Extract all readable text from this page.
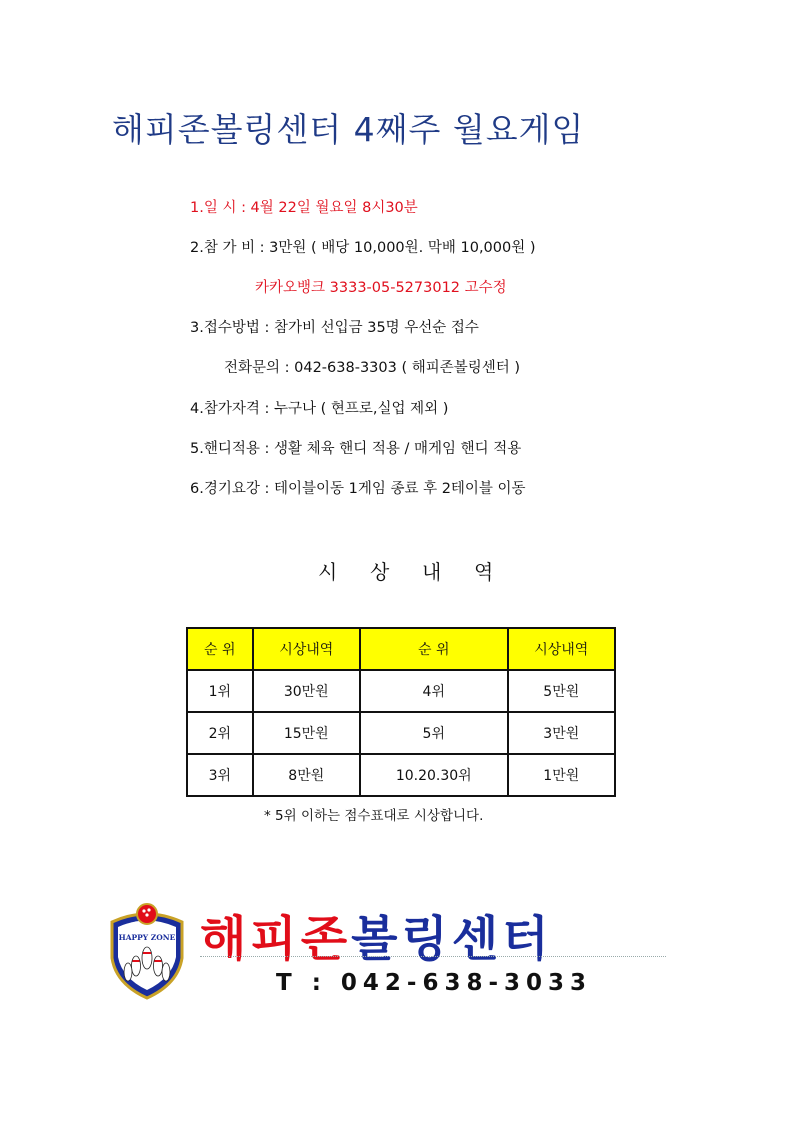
해피존볼링센터 4째주 월요게임
1.일 시 : 4월 22일 월요일 8시30분
2.참 가 비 : 3만원 ( 배당 10,000원. 막배 10,000원 )
카카오뱅크 3333-05-5273012 고수정
3.접수방법 : 참가비 선입금 35명 우선순 접수
전화문의 : 042-638-3303 ( 해피존볼링센터 )
4.참가자격 : 누구나 ( 현프로,실업 제외 )
5.핸디적용 : 생활 체육 핸디 적용 / 매게임 핸디 적용
6.경기요강 : 테이블이동 1게임 종료 후 2테이블 이동
시 상 내 역
순 위	시상내역	순 위	시상내역
1위	30만원	4위	5만원
2위	15만원	5위	3만원
3위	8만원	10.20.30위	1만원
* 5위 이하는 점수표대로 시상합니다.
HAPPY ZONE 해피존볼링센터
T : 042-638-3033
